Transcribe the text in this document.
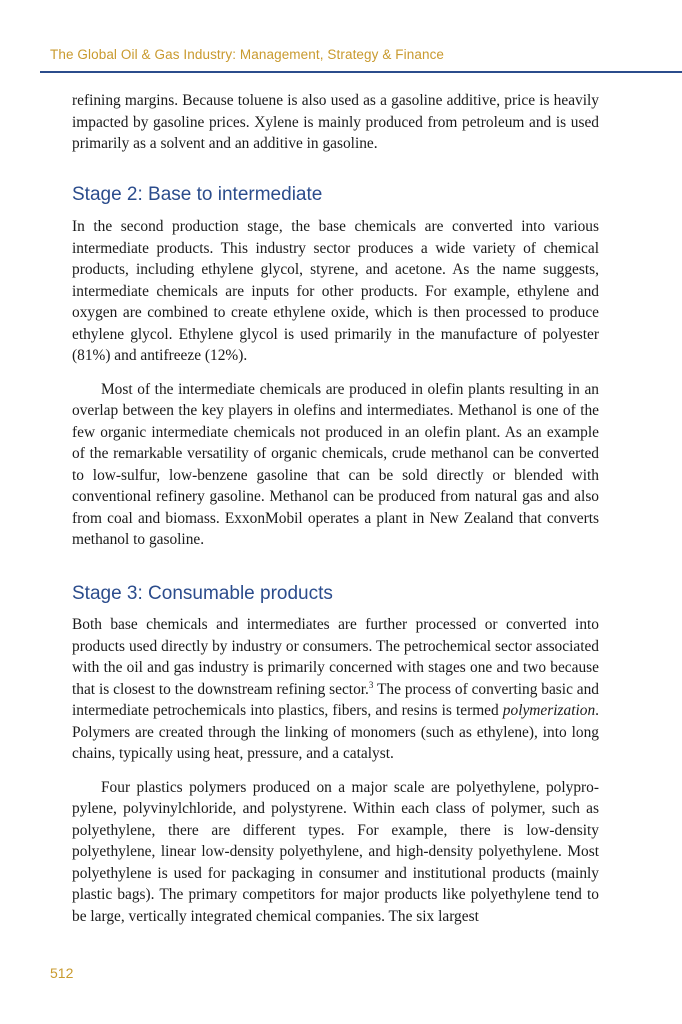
The Global Oil & Gas Industry: Management, Strategy & Finance

refining margins. Because toluene is also used as a gasoline additive, price is heavily impacted by gasoline prices. Xylene is mainly produced from petroleum and is used primarily as a solvent and an additive in gasoline.

Stage 2: Base to intermediate

In the second production stage, the base chemicals are converted into various intermediate products. This industry sector produces a wide variety of chemical products, including ethylene glycol, styrene, and acetone. As the name suggests, intermediate chemicals are inputs for other products. For example, ethylene and oxygen are combined to create ethylene oxide, which is then processed to produce ethylene glycol. Ethylene glycol is used primarily in the manufacture of polyester (81%) and antifreeze (12%).

Most of the intermediate chemicals are produced in olefin plants resulting in an overlap between the key players in olefins and intermediates. Methanol is one of the few organic intermediate chemicals not produced in an olefin plant. As an example of the remarkable versatility of organic chemicals, crude methanol can be converted to low-sulfur, low-benzene gasoline that can be sold directly or blended with conventional refinery gasoline. Methanol can be produced from natural gas and also from coal and biomass. ExxonMobil operates a plant in New Zealand that converts methanol to gasoline.

Stage 3: Consumable products

Both base chemicals and intermediates are further processed or converted into products used directly by industry or consumers. The petrochemical sector associated with the oil and gas industry is primarily concerned with stages one and two because that is closest to the downstream refining sector.$^3$ The process of converting basic and intermediate petrochemicals into plastics, fibers, and resins is termed polymerization. Polymers are created through the linking of monomers (such as ethylene), into long chains, typically using heat, pressure, and a catalyst.

Four plastics polymers produced on a major scale are polyethylene, polypropylene, polyvinylchloride, and polystyrene. Within each class of polymer, such as polyethylene, there are different types. For example, there is low-density polyethylene, linear low-density polyethylene, and high-density polyethylene. Most polyethylene is used for packaging in consumer and institutional products (mainly plastic bags). The primary competitors for major products like polyethylene tend to be large, vertically integrated chemical companies. The six largest

512
